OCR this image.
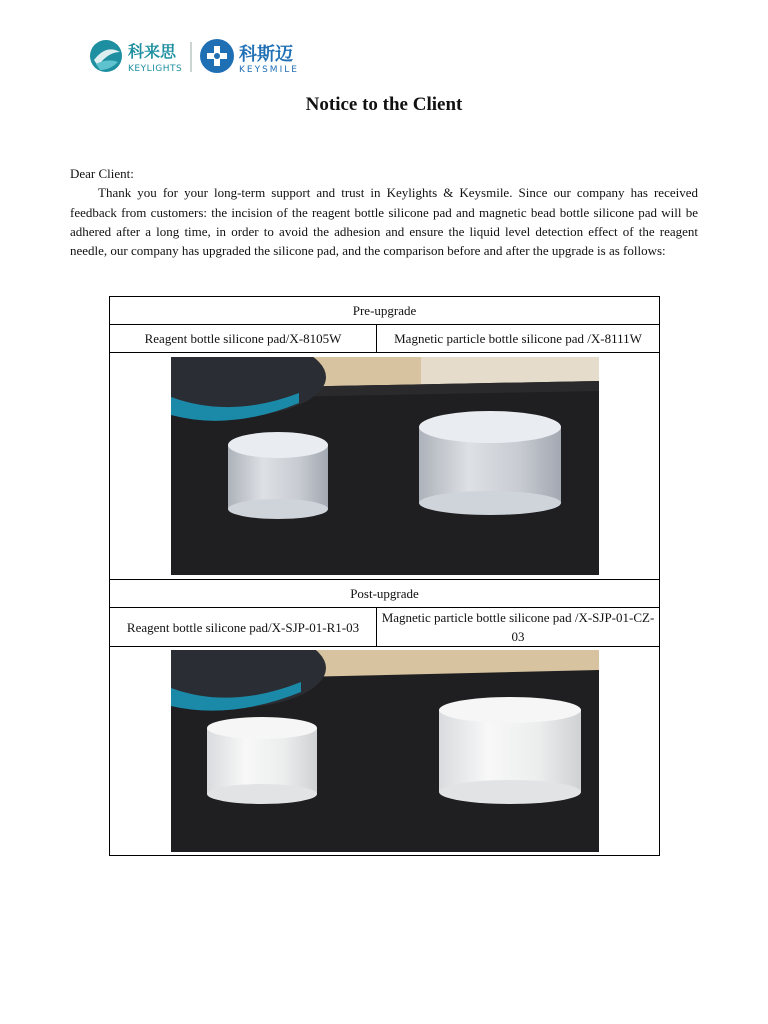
科来思
KEYLIGHTS
科斯迈
KEYSMILE
Notice to the Client

Dear Client:

Thank you for your long-term support and trust in Keylights & Keysmile. Since our company has received feedback from customers: the incision of the reagent bottle silicone pad and magnetic bead bottle silicone pad will be adhered after a long time, in order to avoid the adhesion and ensure the liquid level detection effect of the reagent needle, our company has upgraded the silicone pad, and the comparison before and after the upgrade is as follows:

Pre-upgrade	
Reagent bottle silicone pad/X-8105W	Magnetic particle bottle silicone pad /X-8111W

Post-upgrade	
Reagent bottle silicone pad/X-SJP-01-R1-03	Magnetic particle bottle silicone pad /X-SJP-01-CZ-03
